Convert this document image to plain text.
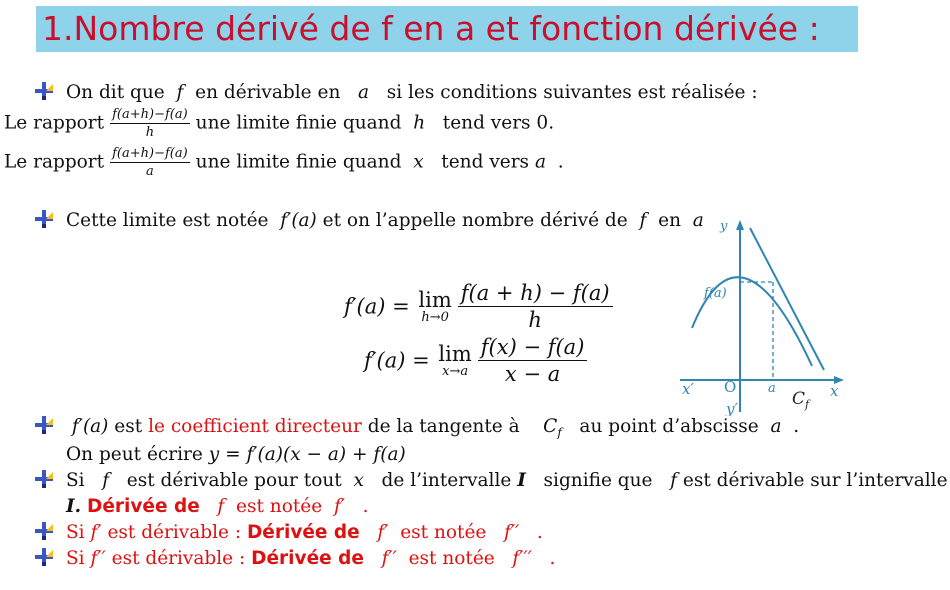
1.Nombre dérivé de f en a et fonction dérivée :
On dit que f en dérivable en a si les conditions suivantes est réalisée :
Le rapport $\frac{f(a+h)-f(a)}{h}$ une limite finie quand h tend vers 0.
Le rapport $\frac{f(a+h)-f(a)}{a}$ une limite finie quand x tend vers a .
Cette limite est notée f′(a) et on l’appelle nombre dérivé de f en a
f′(a) = lim
$h\to 0 \frac{f(a + h) - f(a)}{h}$
f′(a) = lim
$x\to a \frac{f(x) - f(a)}{x - a}$
y
x
x′
y′
O a
f(a)
$C_f$
f′(a) est le coefficient directeur de la tangente à $C_f$ au point d’abscisse a .
On peut écrire y = f′(a)(x − a) + f(a)
Si f est dérivable pour tout x de l’intervalle I signifie que f est dérivable sur l’intervalle
I. Dérivée de f est notée f′ .
Si f′ est dérivable : Dérivée de f′ est notée f′′ .
Si f′′ est dérivable : Dérivée de f′′ est notée f′′′ .
